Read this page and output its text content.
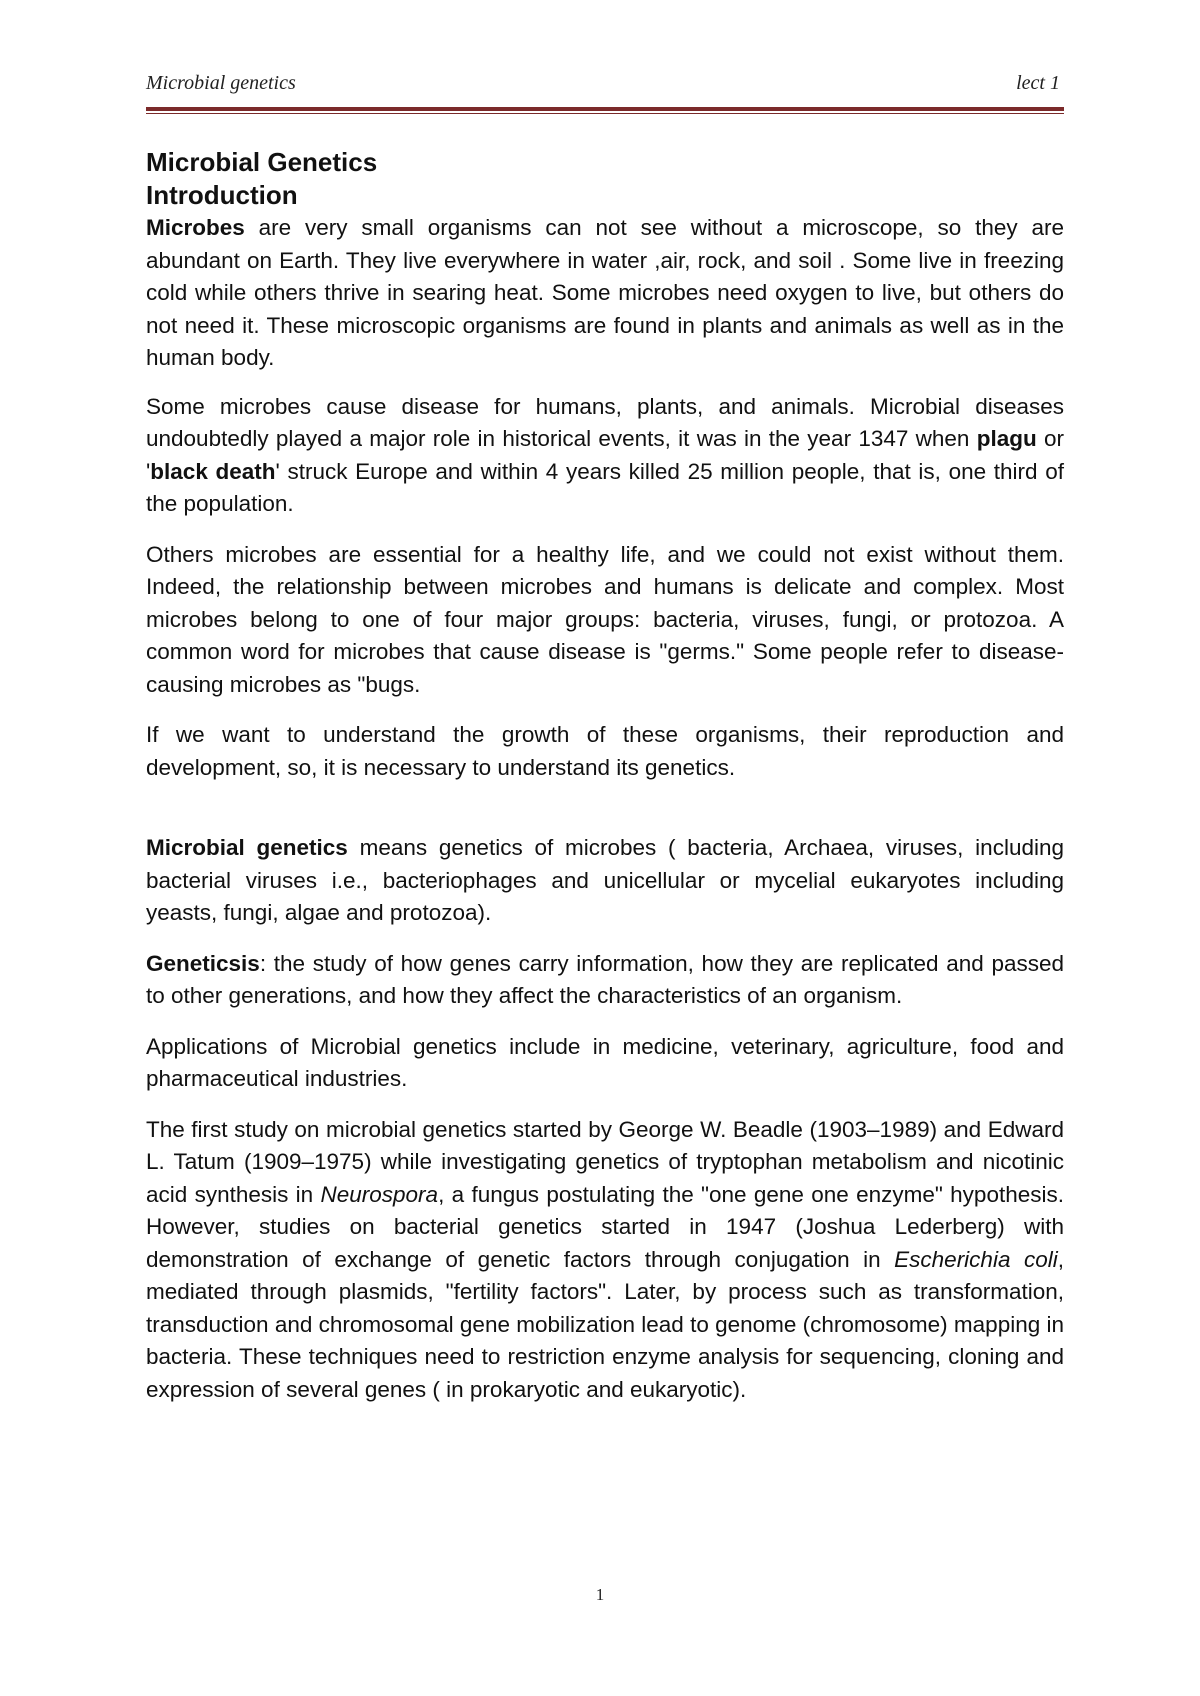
Microbial genetics	lect 1
Microbial Genetics
Introduction

Microbes are very small organisms can not see without a microscope, so they are abundant on Earth. They live everywhere in water ,air, rock, and soil . Some live in freezing cold while others thrive in searing heat. Some microbes need oxygen to live, but others do not need it. These microscopic organisms are found in plants and animals as well as in the human body.

Some microbes cause disease for humans, plants, and animals. Microbial diseases undoubtedly played a major role in historical events, it was in the year 1347 when plagu or 'black death' struck Europe and within 4 years killed 25 million people, that is, one third of the population.

Others microbes are essential for a healthy life, and we could not exist without them. Indeed, the relationship between microbes and humans is delicate and complex. Most microbes belong to one of four major groups: bacteria, viruses, fungi, or protozoa. A common word for microbes that cause disease is "germs." Some people refer to disease-causing microbes as "bugs.

If we want to understand the growth of these organisms, their reproduction and development, so, it is necessary to understand its genetics.

Microbial genetics means genetics of microbes ( bacteria, Archaea, viruses, including bacterial viruses i.e., bacteriophages and unicellular or mycelial eukaryotes including yeasts, fungi, algae and protozoa).

Geneticsis: the study of how genes carry information, how they are replicated and passed to other generations, and how they affect the characteristics of an organism.

Applications of Microbial genetics include in medicine, veterinary, agriculture, food and pharmaceutical industries.

The first study on microbial genetics started by George W. Beadle (1903–1989) and Edward L. Tatum (1909–1975) while investigating genetics of tryptophan metabolism and nicotinic acid synthesis in Neurospora, a fungus postulating the "one gene one enzyme" hypothesis. However, studies on bacterial genetics started in 1947 (Joshua Lederberg) with demonstration of exchange of genetic factors through conjugation in Escherichia coli, mediated through plasmids, "fertility factors". Later, by process such as transformation, transduction and chromosomal gene mobilization lead to genome (chromosome) mapping in bacteria. These techniques need to restriction enzyme analysis for sequencing, cloning and expression of several genes ( in prokaryotic and eukaryotic).

1
